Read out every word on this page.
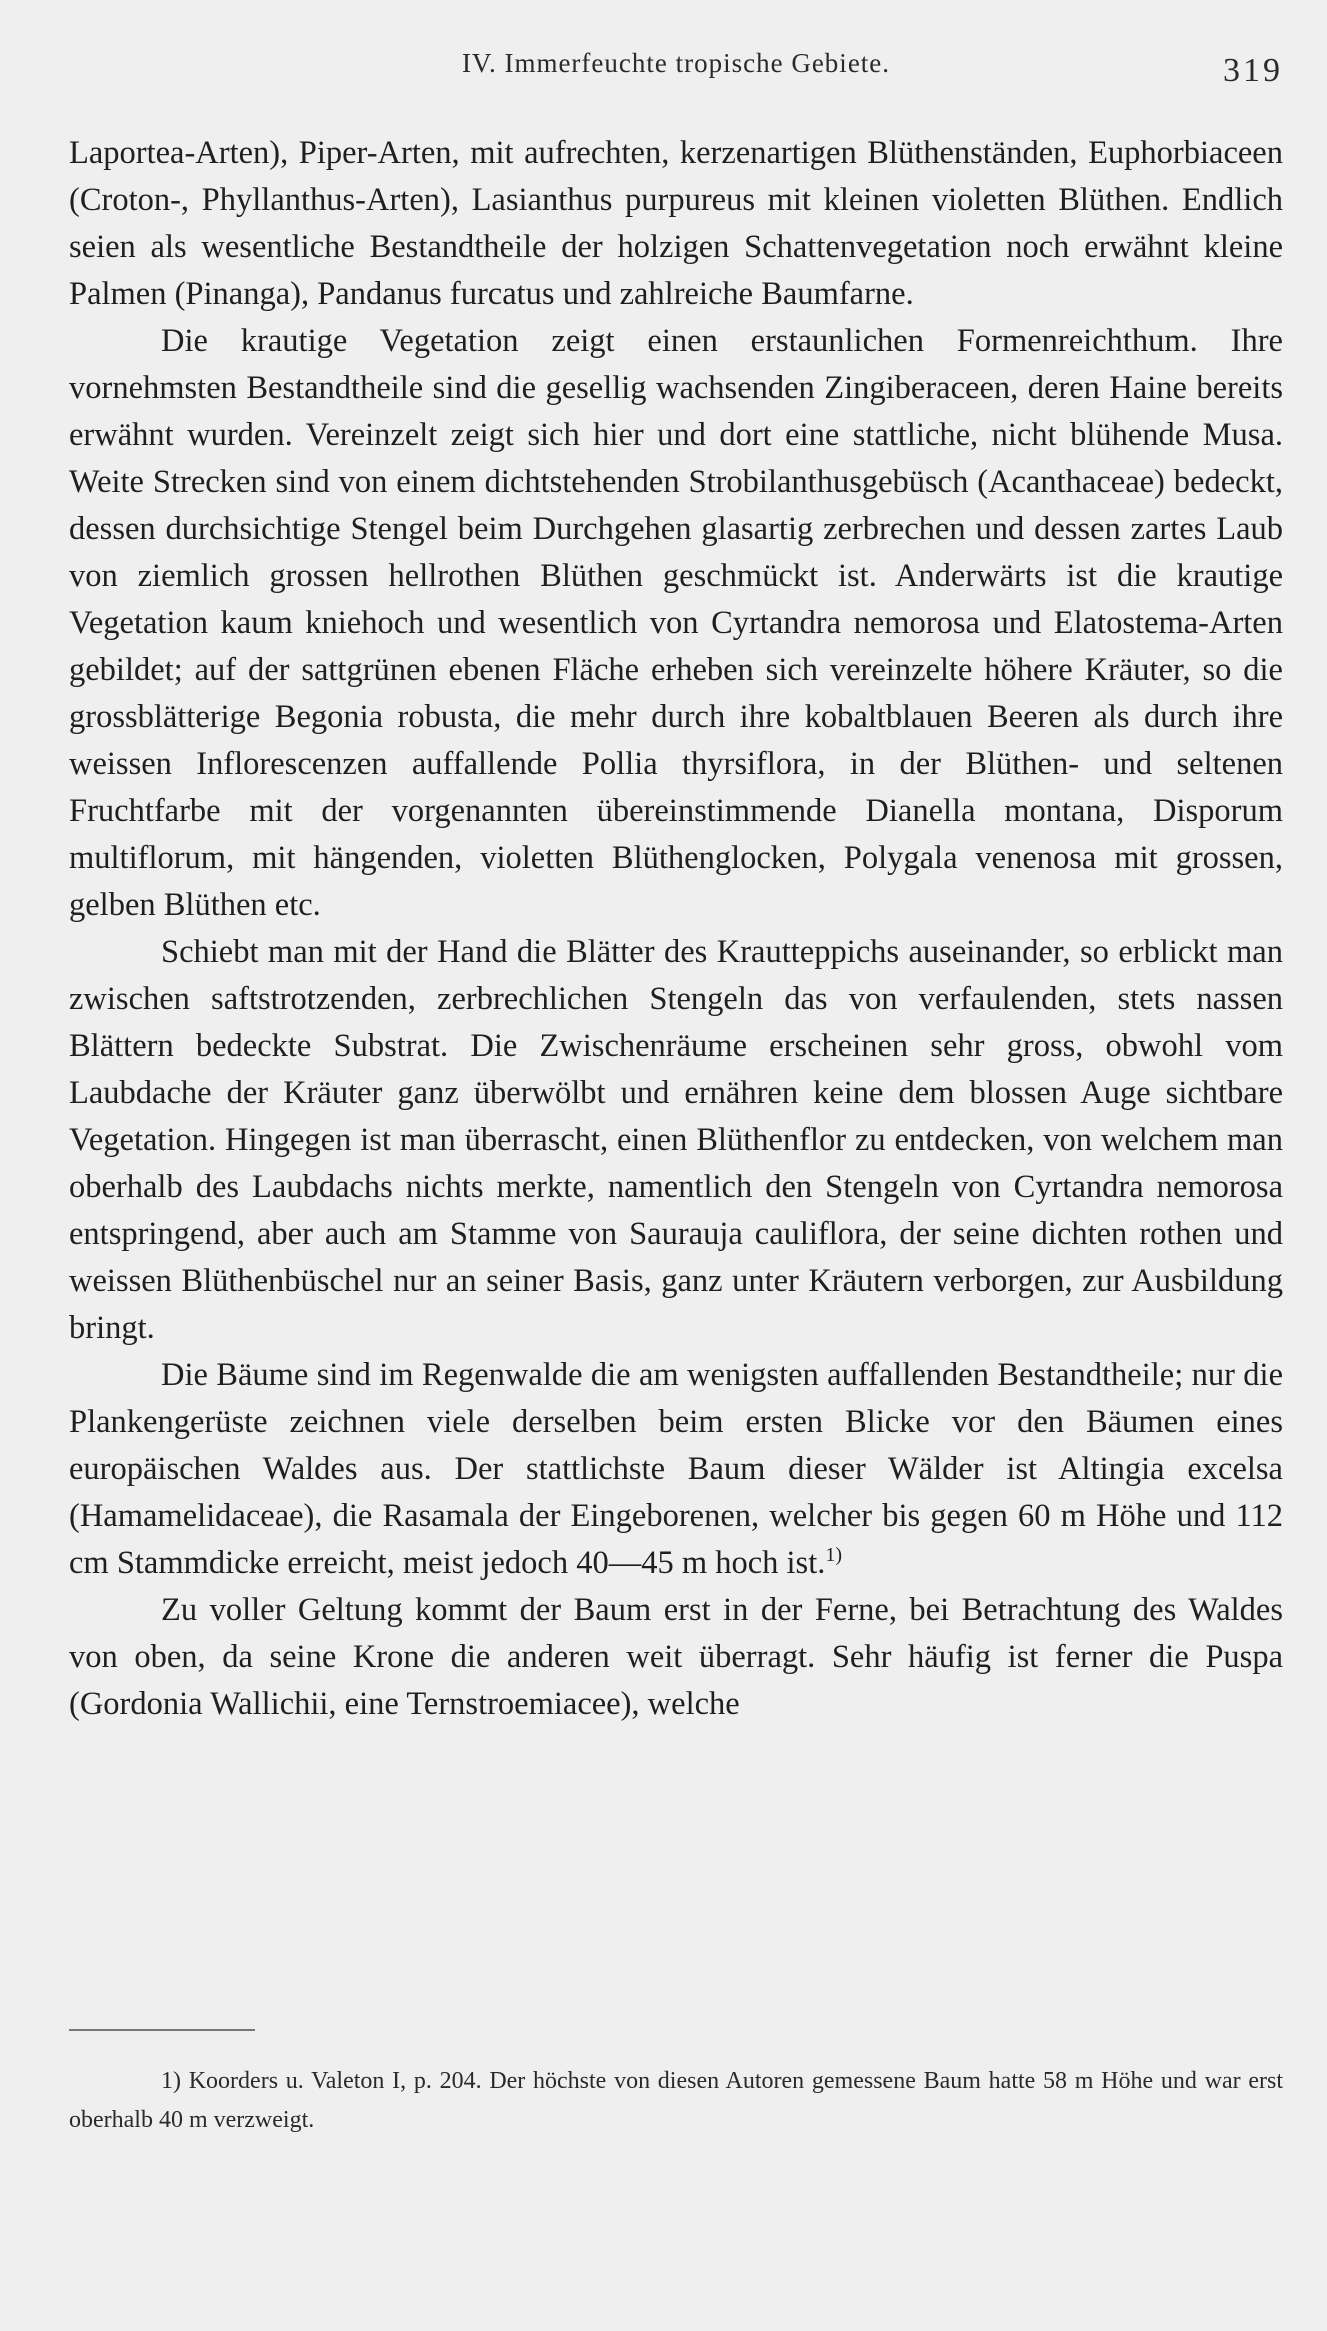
IV. Immerfeuchte tropische Gebiete.	319

Laportea-Arten), Piper-Arten, mit aufrechten, kerzenartigen Blüthenständen, Euphorbiaceen (Croton-, Phyllanthus-Arten), Lasianthus purpureus mit kleinen violetten Blüthen. Endlich seien als wesentliche Bestandtheile der holzigen Schattenvegetation noch erwähnt kleine Palmen (Pinanga), Pandanus furcatus und zahlreiche Baumfarne.

Die krautige Vegetation zeigt einen erstaunlichen Formenreichthum. Ihre vornehmsten Bestandtheile sind die gesellig wachsenden Zingiberaceen, deren Haine bereits erwähnt wurden. Vereinzelt zeigt sich hier und dort eine stattliche, nicht blühende Musa. Weite Strecken sind von einem dichtstehenden Strobilanthusgebüsch (Acanthaceae) bedeckt, dessen durchsichtige Stengel beim Durchgehen glasartig zerbrechen und dessen zartes Laub von ziemlich grossen hellrothen Blüthen geschmückt ist. Anderwärts ist die krautige Vegetation kaum kniehoch und wesentlich von Cyrtandra nemorosa und Elatostema-Arten gebildet; auf der sattgrünen ebenen Fläche erheben sich vereinzelte höhere Kräuter, so die grossblätterige Begonia robusta, die mehr durch ihre kobaltblauen Beeren als durch ihre weissen Inflorescenzen auffallende Pollia thyrsiflora, in der Blüthen- und seltenen Fruchtfarbe mit der vorgenannten übereinstimmende Dianella montana, Disporum multiflorum, mit hängenden, violetten Blüthenglocken, Polygala venenosa mit grossen, gelben Blüthen etc.

Schiebt man mit der Hand die Blätter des Krautteppichs auseinander, so erblickt man zwischen saftstrotzenden, zerbrechlichen Stengeln das von verfaulenden, stets nassen Blättern bedeckte Substrat. Die Zwischenräume erscheinen sehr gross, obwohl vom Laubdache der Kräuter ganz überwölbt und ernähren keine dem blossen Auge sichtbare Vegetation. Hingegen ist man überrascht, einen Blüthenflor zu entdecken, von welchem man oberhalb des Laubdachs nichts merkte, namentlich den Stengeln von Cyrtandra nemorosa entspringend, aber auch am Stamme von Saurauja cauliflora, der seine dichten rothen und weissen Blüthenbüschel nur an seiner Basis, ganz unter Kräutern verborgen, zur Ausbildung bringt.

Die Bäume sind im Regenwalde die am wenigsten auffallenden Bestandtheile; nur die Plankengerüste zeichnen viele derselben beim ersten Blicke vor den Bäumen eines europäischen Waldes aus. Der stattlichste Baum dieser Wälder ist Altingia excelsa (Hamamelidaceae), die Rasamala der Eingeborenen, welcher bis gegen 60 m Höhe und 112 cm Stammdicke erreicht, meist jedoch 40—45 m hoch ist.$^{1)}$

Zu voller Geltung kommt der Baum erst in der Ferne, bei Betrachtung des Waldes von oben, da seine Krone die anderen weit überragt. Sehr häufig ist ferner die Puspa (Gordonia Wallichii, eine Ternstroemiacee), welche

1) Koorders u. Valeton I, p. 204. Der höchste von diesen Autoren gemessene Baum hatte 58 m Höhe und war erst oberhalb 40 m verzweigt.
